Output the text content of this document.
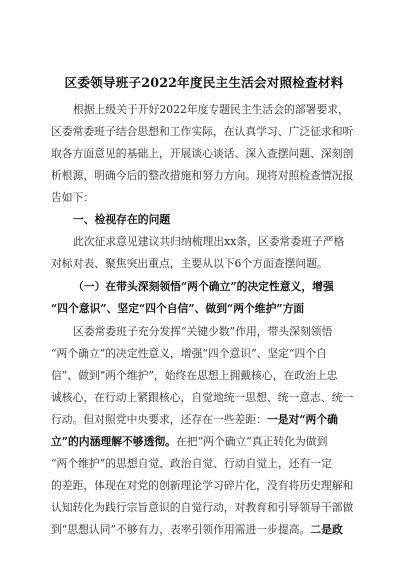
区委领导班子2022年度民主生活会对照检查材料
根据上级关于开好2022年度专题民主生活会的部署要求，
区委常委班子结合思想和工作实际，在认真学习、广泛征求和听
取各方面意见的基础上，开展谈心谈话、深入查摆问题、深刻剖
析根源，明确今后的整改措施和努力方向。现将对照检查情况报
告如下：
一、检视存在的问题
此次征求意见建议共归纳梳理出xx条，区委常委班子严格
对标对表、聚焦突出重点，主要从以下6个方面查摆问题。
（一）在带头深刻领悟“两个确立”的决定性意义，增强
“四个意识”、坚定“四个自信”、做到“两个维护”方面
区委常委班子充分发挥“关键少数”作用，带头深刻领悟
“两个确立”的决定性意义，增强“四个意识”、坚定“四个自
信”、做到“两个维护”，始终在思想上拥戴核心，在政治上忠
诚核心，在行动上紧跟核心，自觉地统一思想、统一意志、统一
行动。但对照党中央要求，还存在一些差距：一是对“两个确
立”的内涵理解不够透彻。在把“两个确立”真正转化为做到
“两个维护”的思想自觉、政治自觉、行动自觉上，还有一定
的差距，体现在对党的创新理论学习碎片化，没有将历史理解和
认知转化为践行宗旨意识的自觉行动，对教育和引导领导干部做
到“思想认同”不够有力，表率引领作用需进一步提高。二是政
